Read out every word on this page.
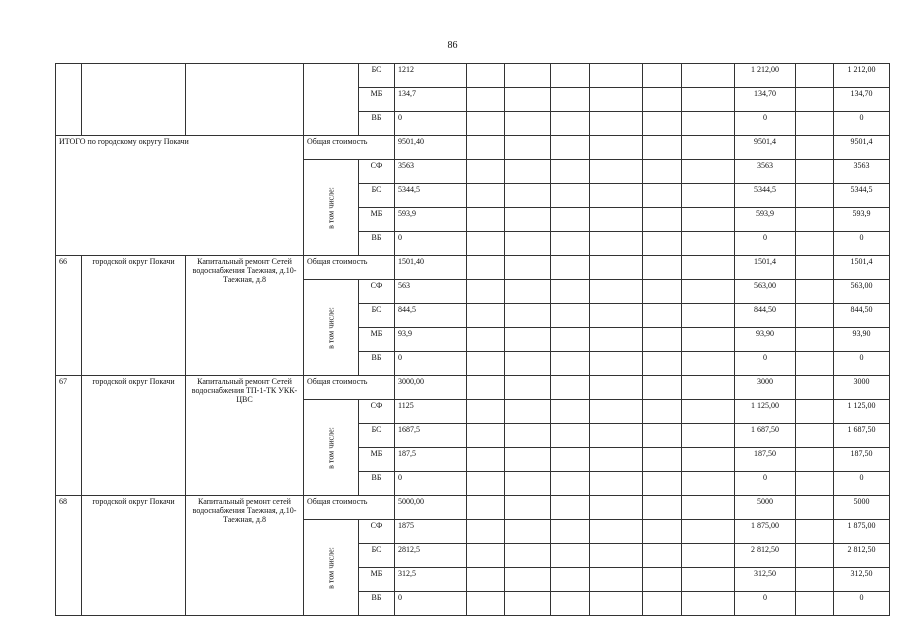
86
				БС	1212							1 212,00		1 212,00
				МБ	134,7							134,70		134,70
				ВБ	0							0		0
ИТОГО по городскому округу Покачи			Общая стоимость		9501,40							9501,4		9501,4

			в том числе:	СФ	3563							3563		3563
				БС	5344,5							5344,5		5344,5
				МБ	593,9							593,9		593,9
				ВБ	0							0		0
66	городской округ Покачи	Капитальный ремонт Сетей водоснабжения Таежная, д.10-Таежная, д.8	Общая стоимость		1501,40							1501,4		1501,4

			в том числе:	СФ	563							563,00		563,00
				БС	844,5							844,50		844,50
				МБ	93,9							93,90		93,90
				ВБ	0							0		0
67	городской округ Покачи	Капитальный ремонт Сетей водоснабжения ТП-1-ТК УКК-ЦВС	Общая стоимость		3000,00							3000		3000

			в том числе:	СФ	1125							1 125,00		1 125,00
				БС	1687,5							1 687,50		1 687,50
				МБ	187,5							187,50		187,50
				ВБ	0							0		0
68	городской округ Покачи	Капитальный ремонт сетей водоснабжения Таежная, д.10-Таежная, д.8	Общая стоимость		5000,00							5000		5000

			в том числе:	СФ	1875							1 875,00		1 875,00
				БС	2812,5							2 812,50		2 812,50
				МБ	312,5							312,50		312,50
				ВБ	0							0		0
